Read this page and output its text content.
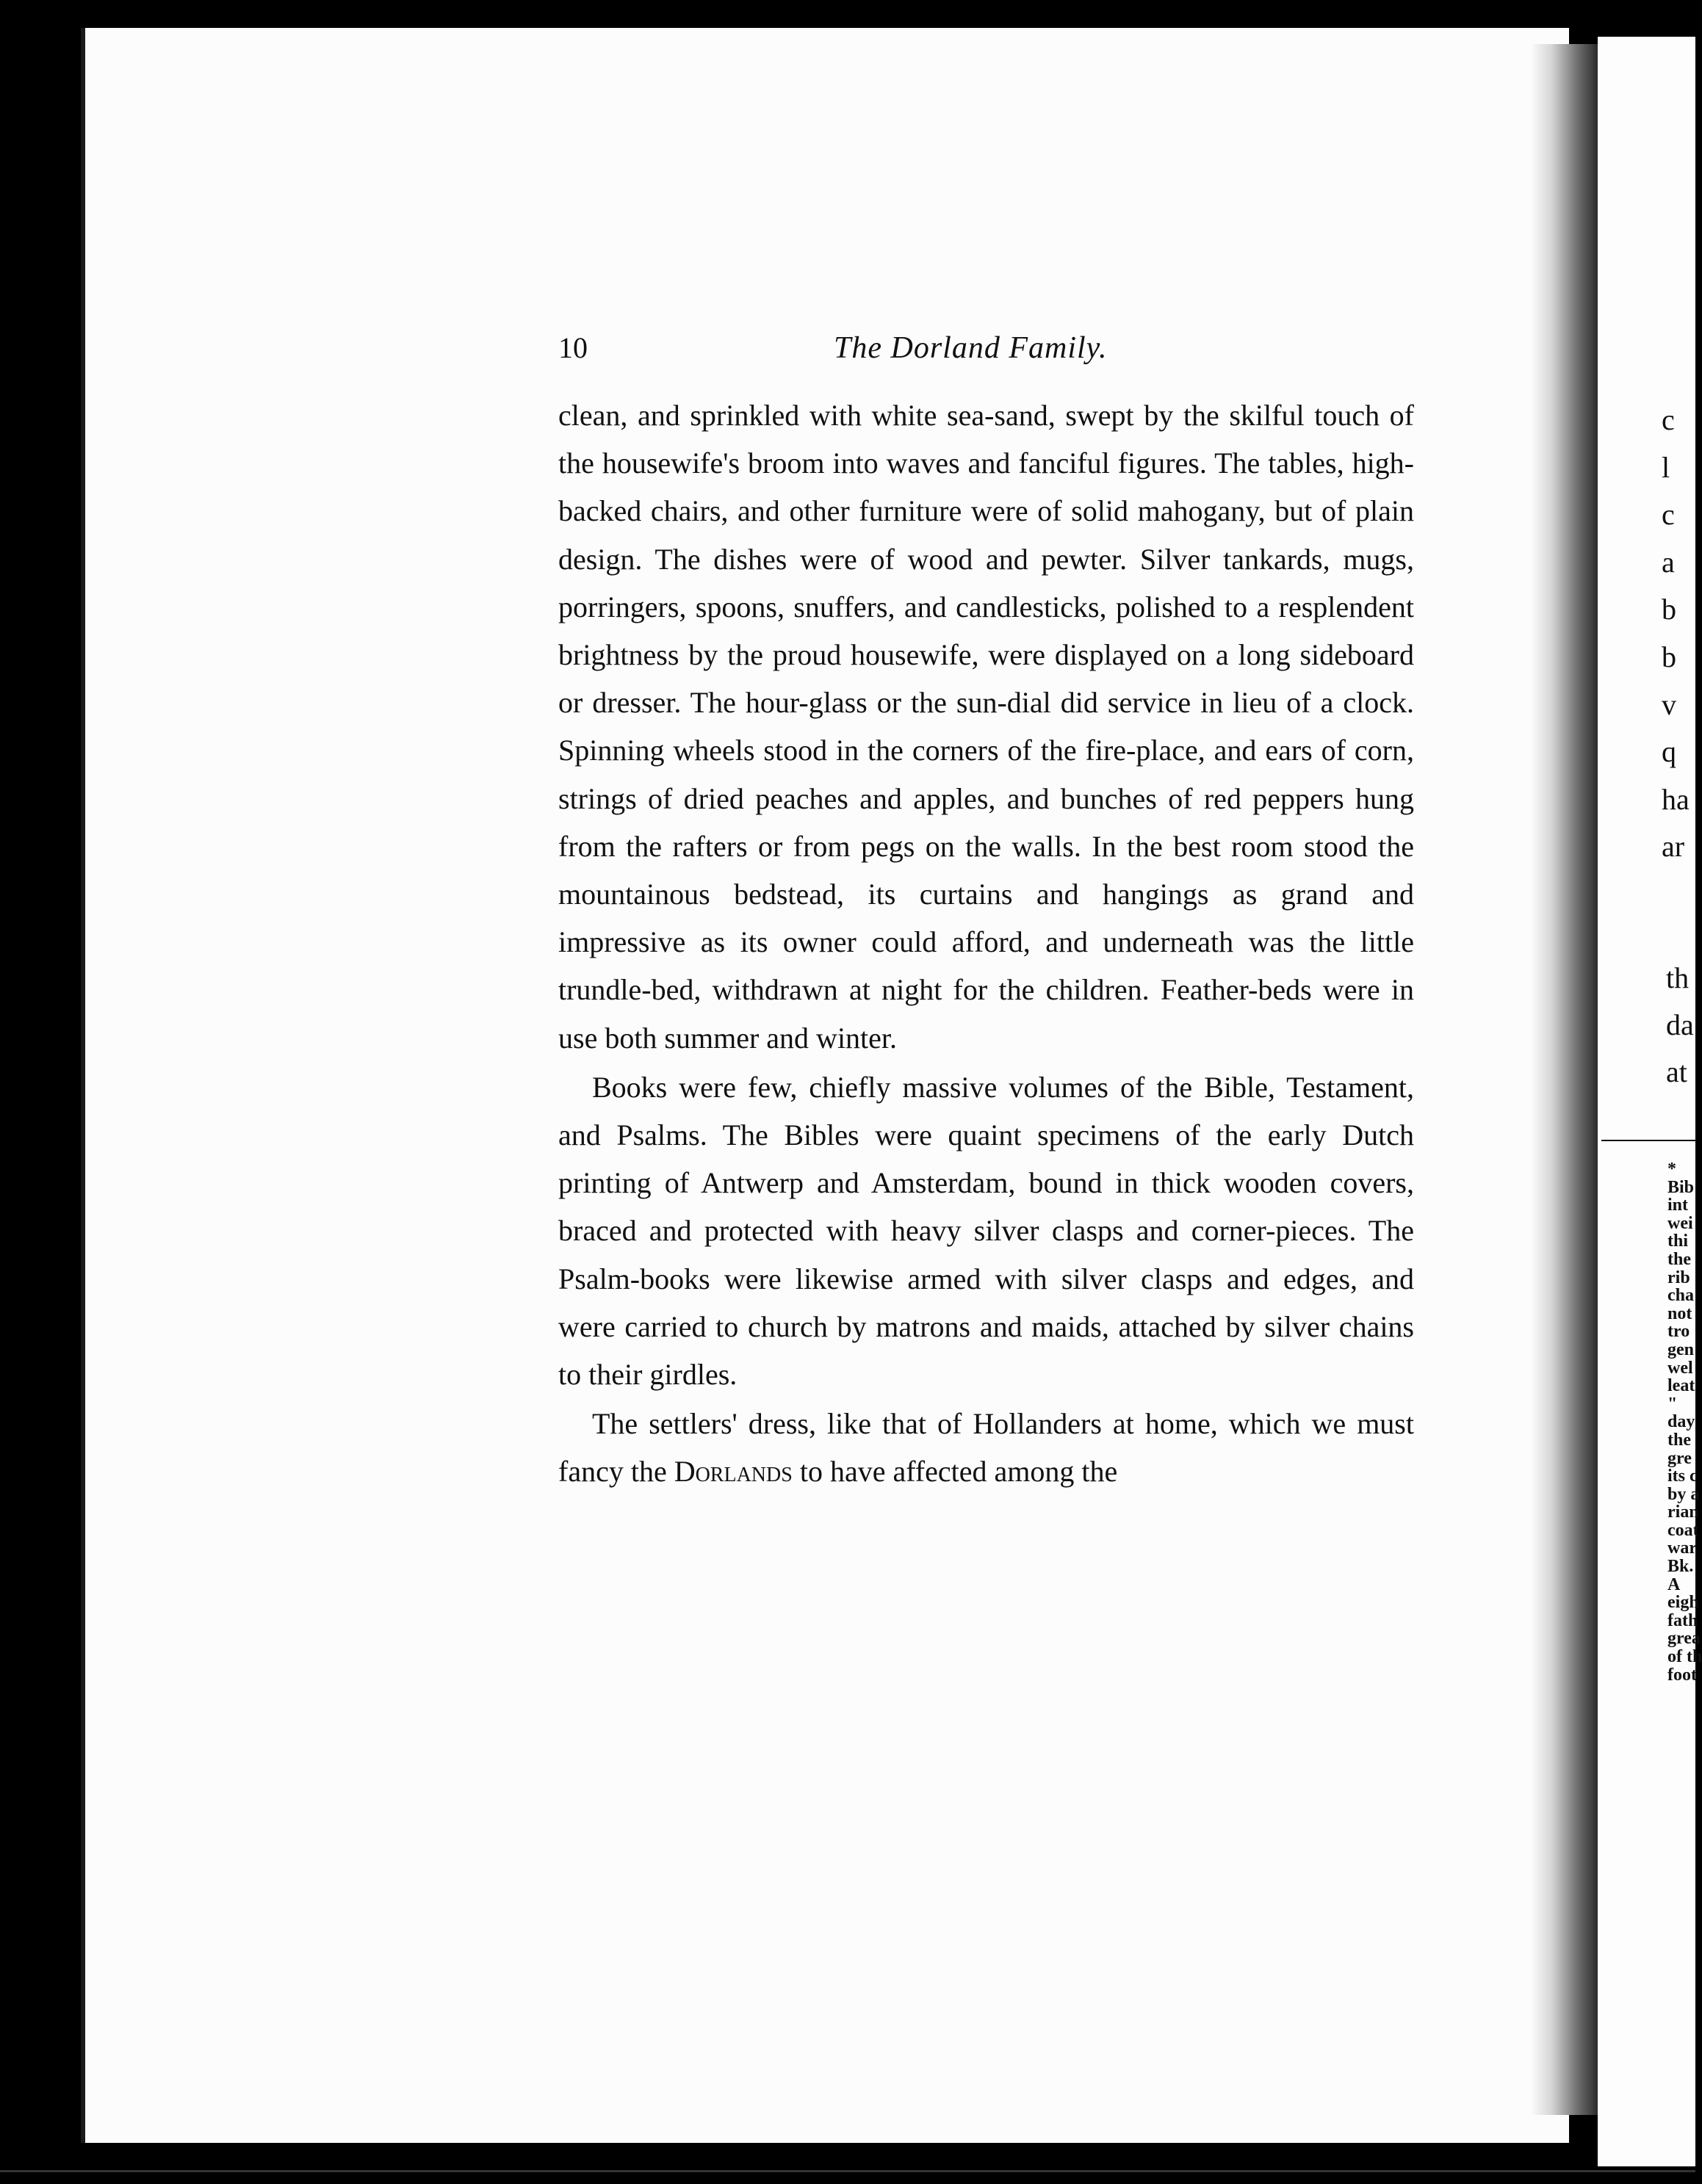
10	The Dorland Family.

clean, and sprinkled with white sea-sand, swept by the skilful touch of the housewife's broom into waves and fanciful figures. The tables, high-backed chairs, and other furniture were of solid mahogany, but of plain design. The dishes were of wood and pewter. Silver tankards, mugs, porringers, spoons, snuffers, and candlesticks, polished to a resplendent brightness by the proud housewife, were displayed on a long sideboard or dresser. The hour-glass or the sun-dial did service in lieu of a clock. Spinning wheels stood in the corners of the fire-place, and ears of corn, strings of dried peaches and apples, and bunches of red peppers hung from the rafters or from pegs on the walls. In the best room stood the mountainous bedstead, its curtains and hangings as grand and impressive as its owner could afford, and underneath was the little trundle-bed, withdrawn at night for the children. Feather-beds were in use both summer and winter.

Books were few, chiefly massive volumes of the Bible, Testament, and Psalms. The Bibles were quaint specimens of the early Dutch printing of Antwerp and Amsterdam, bound in thick wooden covers, braced and protected with heavy silver clasps and corner-pieces. The Psalm-books were likewise armed with silver clasps and edges, and were carried to church by matrons and maids, attached by silver chains to their girdles.

The settlers' dress, like that of Hollanders at home, which we must fancy the Dorlands to have affected among the

c
l
c
a
b
b
v
q
ha
ar
th
da
at
*
Bib
int
wei
thi
the
rib
cha
not
tro
gen
wel
leat
"
day
the
gre
its c
by a
rian
coat
war
Bk.
A
eigh
fath
grea
of th
foot
